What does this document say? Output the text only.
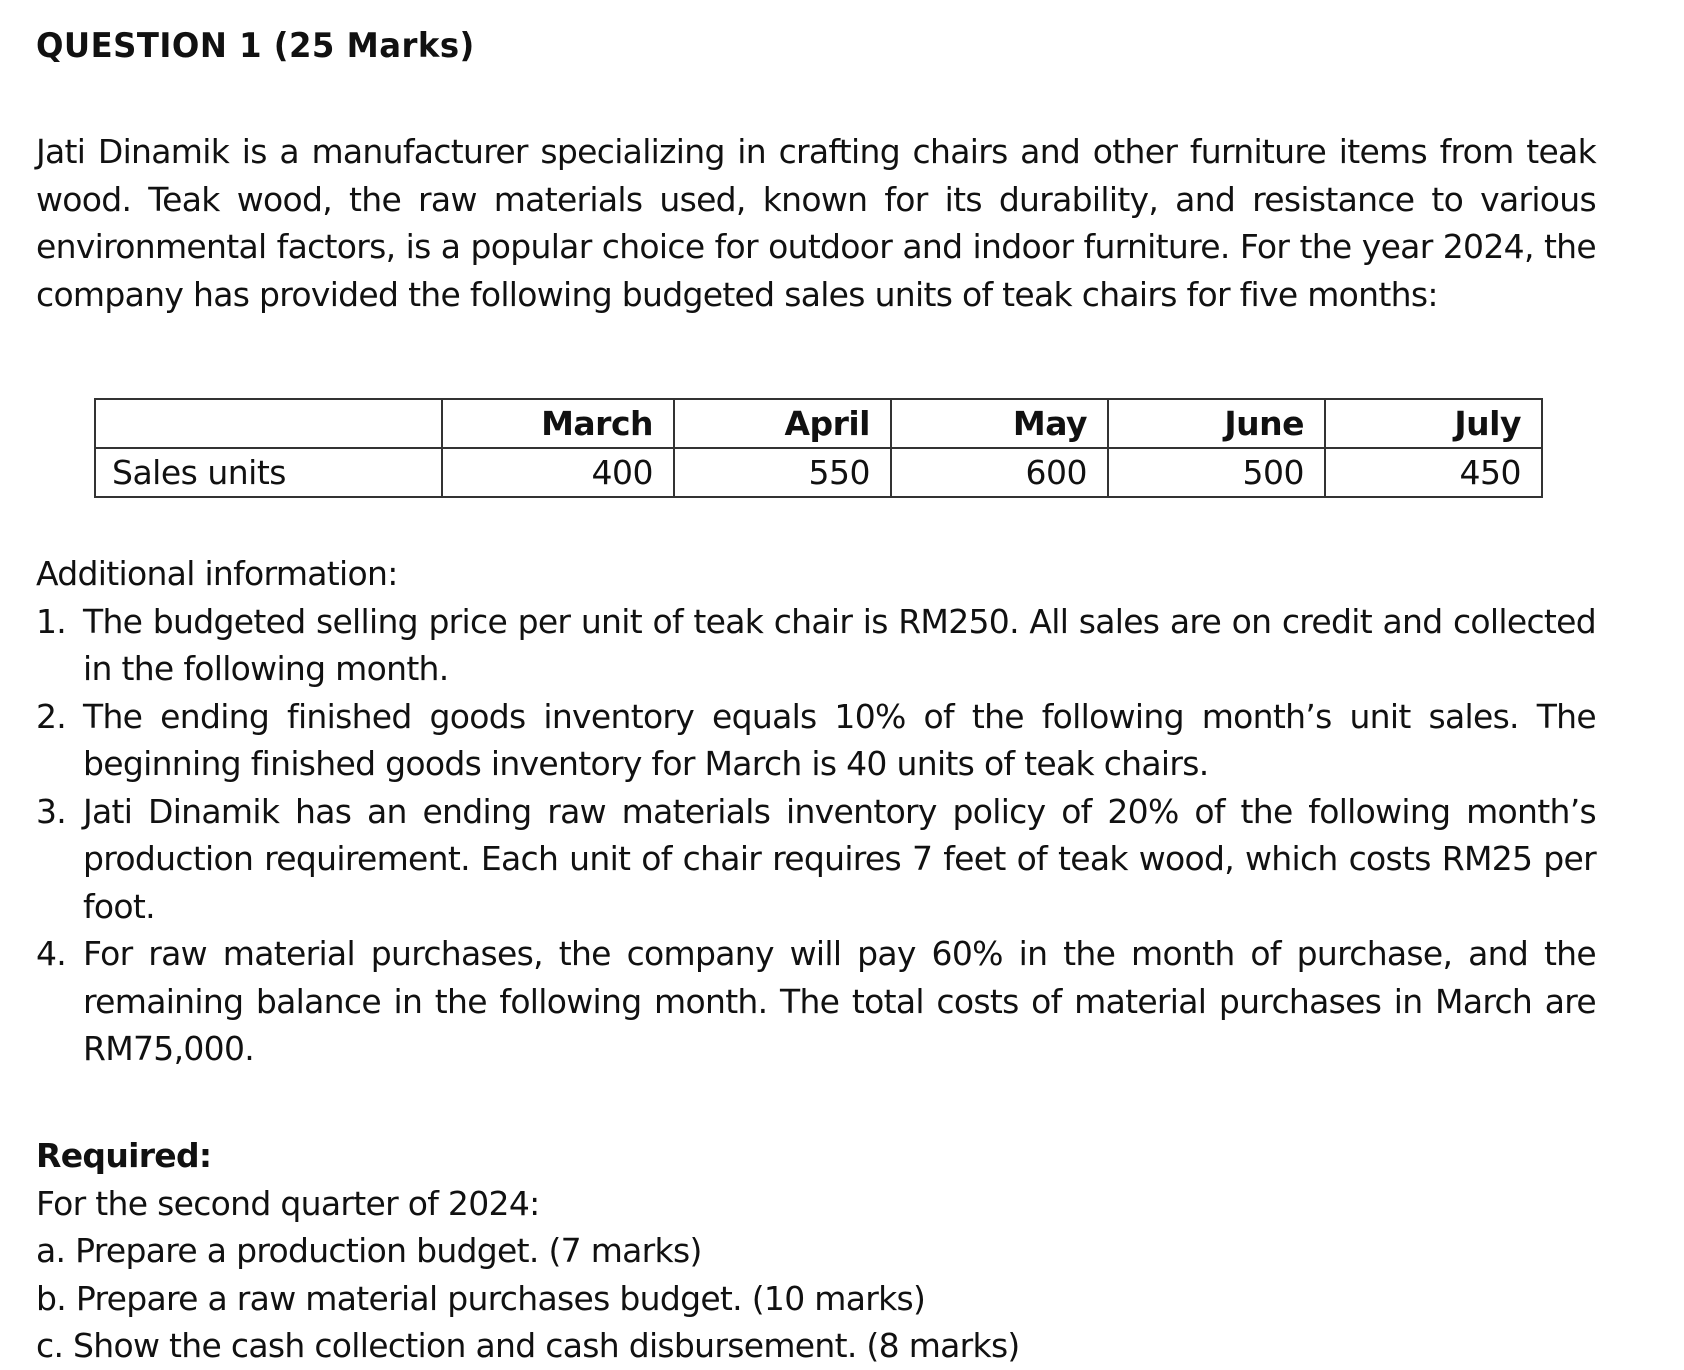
QUESTION 1 (25 Marks)

Jati Dinamik is a manufacturer specializing in crafting chairs and other furniture items from teak wood. Teak wood, the raw materials used, known for its durability, and resistance to various environmental factors, is a popular choice for outdoor and indoor furniture. For the year 2024, the company has provided the following budgeted sales units of teak chairs for five months:

	March	April	May	June	July
Sales units	400	550	600	500	450

Additional information:

1. The budgeted selling price per unit of teak chair is RM250. All sales are on credit and collected in the following month.
2. The ending finished goods inventory equals 10% of the following month’s unit sales. The beginning finished goods inventory for March is 40 units of teak chairs.
3. Jati Dinamik has an ending raw materials inventory policy of 20% of the following month’s production requirement. Each unit of chair requires 7 feet of teak wood, which costs RM25 per foot.
4. For raw material purchases, the company will pay 60% in the month of purchase, and the remaining balance in the following month. The total costs of material purchases in March are RM75,000.

Required:

For the second quarter of 2024:

a. Prepare a production budget. (7 marks)

b. Prepare a raw material purchases budget. (10 marks)

c. Show the cash collection and cash disbursement. (8 marks)
